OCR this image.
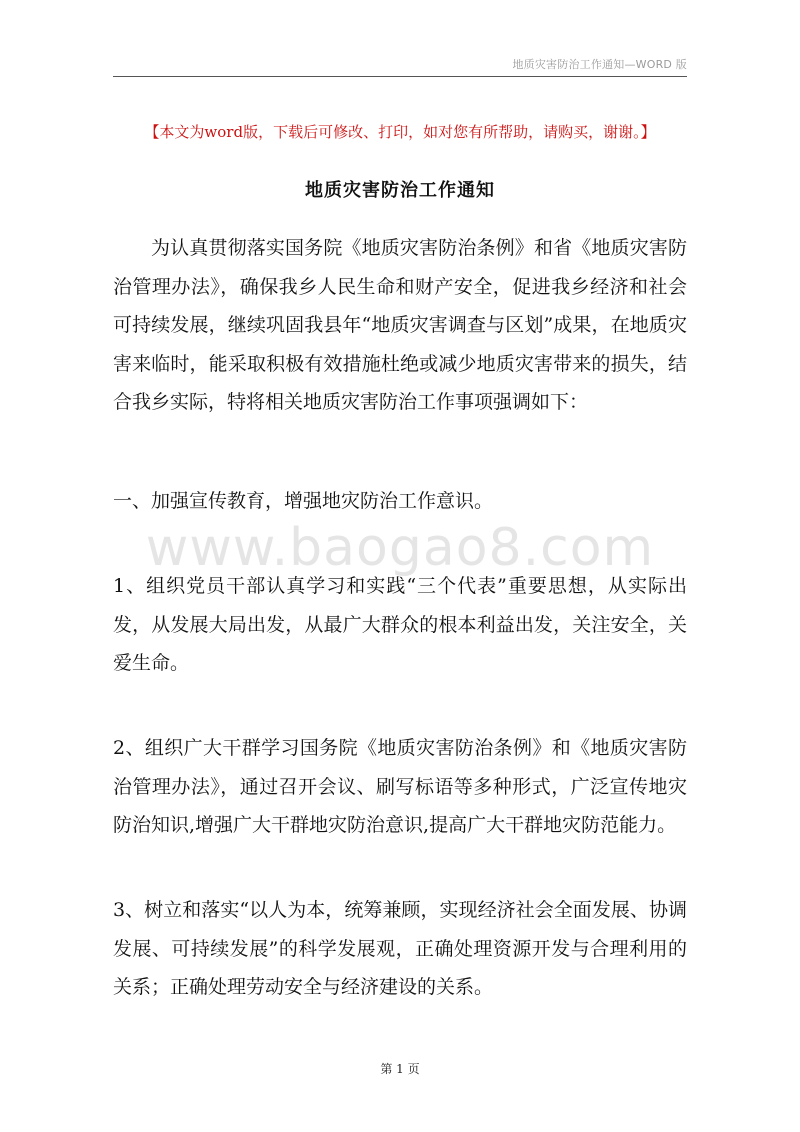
地质灾害防治工作通知—WORD 版
【本文为word版，下载后可修改、打印，如对您有所帮助，请购买，谢谢。】
地质灾害防治工作通知

为认真贯彻落实国务院《地质灾害防治条例》和省《地质灾害防治管理办法》，确保我乡人民生命和财产安全，促进我乡经济和社会可持续发展，继续巩固我县年“地质灾害调查与区划”成果，在地质灾害来临时，能采取积极有效措施杜绝或减少地质灾害带来的损失，结合我乡实际，特将相关地质灾害防治工作事项强调如下：

一、加强宣传教育，增强地灾防治工作意识。

www.baogao8.com

1、组织党员干部认真学习和实践“三个代表”重要思想，从实际出发，从发展大局出发，从最广大群众的根本利益出发，关注安全，关爱生命。

2、组织广大干群学习国务院《地质灾害防治条例》和《地质灾害防治管理办法》，通过召开会议、刷写标语等多种形式，广泛宣传地灾防治知识,增强广大干群地灾防治意识,提高广大干群地灾防范能力。

3、树立和落实“以人为本，统筹兼顾，实现经济社会全面发展、协调发展、可持续发展”的科学发展观，正确处理资源开发与合理利用的关系；正确处理劳动安全与经济建设的关系。

第 1 页
